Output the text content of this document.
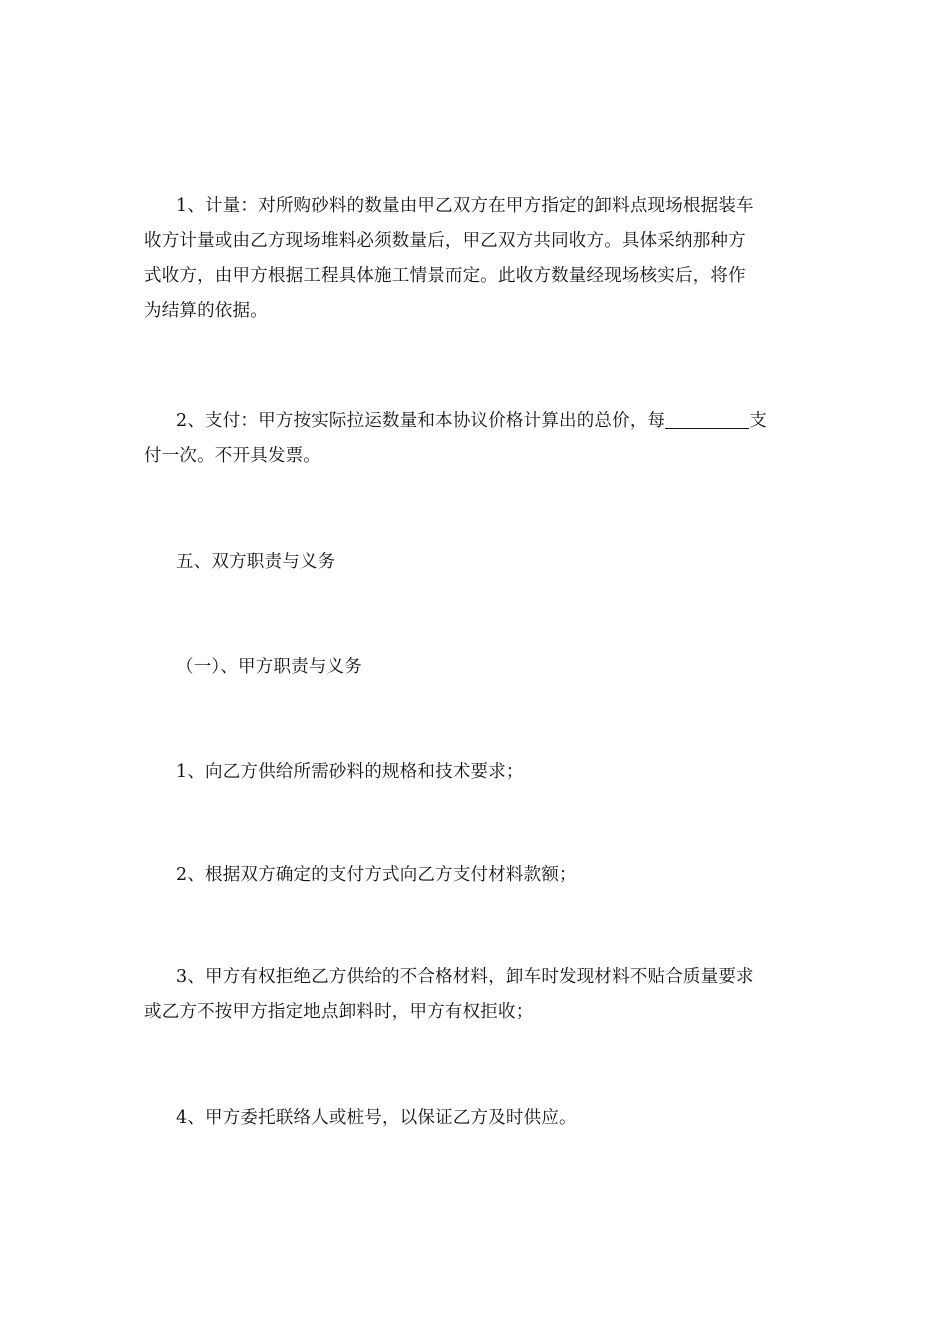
1、计量：对所购砂料的数量由甲乙双方在甲方指定的卸料点现场根据装车
收方计量或由乙方现场堆料必须数量后，甲乙双方共同收方。具体采纳那种方
式收方，由甲方根据工程具体施工情景而定。此收方数量经现场核实后，将作
为结算的依据。
2、支付：甲方按实际拉运数量和本协议价格计算出的总价，每	支
付一次。不开具发票。
五、双方职责与义务
（一）、甲方职责与义务
1、向乙方供给所需砂料的规格和技术要求；
2、根据双方确定的支付方式向乙方支付材料款额；
3、甲方有权拒绝乙方供给的不合格材料，卸车时发现材料不贴合质量要求
或乙方不按甲方指定地点卸料时，甲方有权拒收；
4、甲方委托联络人或桩号，以保证乙方及时供应。
